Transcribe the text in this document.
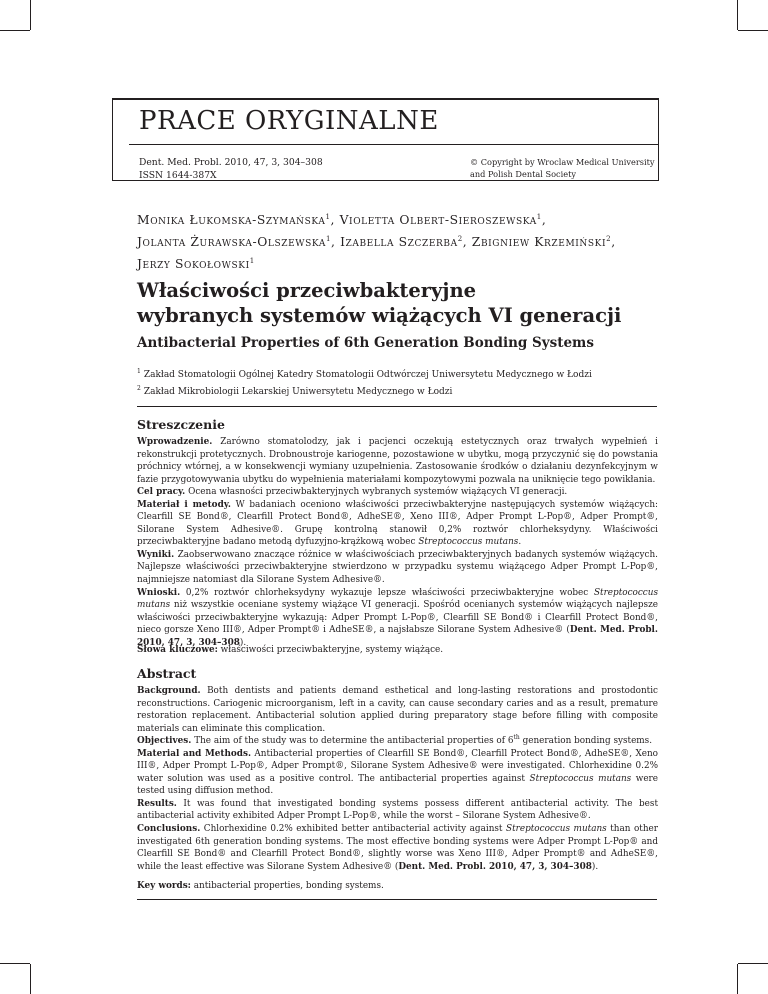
PRACE ORYGINALNE
Dent. Med. Probl. 2010, 47, 3, 304–308
ISSN 1644-387X
© Copyright by Wroclaw Medical University
and Polish Dental Society
Monika Łukomska-Szymańska$^1$, Violetta Olbert-Sieroszewska$^1$,
Jolanta Żurawska-Olszewska$^1$, Izabella Szczerba$^2$, Zbigniew Krzemiński$^2$,
Jerzy Sokołowski$^1$
Właściwości przeciwbakteryjne
wybranych systemów wiążących VI generacji
Antibacterial Properties of 6th Generation Bonding Systems
$^1$ Zakład Stomatologii Ogólnej Katedry Stomatologii Odtwórczej Uniwersytetu Medycznego w Łodzi
$^2$ Zakład Mikrobiologii Lekarskiej Uniwersytetu Medycznego w Łodzi
Streszczenie

Wprowadzenie. Zarówno stomatolodzy, jak i pacjenci oczekują estetycznych oraz trwałych wypełnień i rekonstrukcji protetycznych. Drobnoustroje kariogenne, pozostawione w ubytku, mogą przyczynić się do powstania próchnicy wtórnej, a w konsekwencji wymiany uzupełnienia. Zastosowanie środków o działaniu dezynfekcyjnym w fazie przygotowywania ubytku do wypełnienia materiałami kompozytowymi pozwala na uniknięcie tego powikłania.

Cel pracy. Ocena własności przeciwbakteryjnych wybranych systemów wiążących VI generacji.

Materiał i metody. W badaniach oceniono właściwości przeciwbakteryjne następujących systemów wiążących: Clearfill SE Bond®, Clearfill Protect Bond®, AdheSE®, Xeno III®, Adper Prompt L-Pop®, Adper Prompt®, Silorane System Adhesive®. Grupę kontrolną stanowił 0,2% roztwór chlorheksydyny. Właściwości przeciwbakteryjne badano metodą dyfuzyjno-krążkową wobec Streptococcus mutans.

Wyniki. Zaobserwowano znaczące różnice w właściwościach przeciwbakteryjnych badanych systemów wiążących. Najlepsze właściwości przeciwbakteryjne stwierdzono w przypadku systemu wiążącego Adper Prompt L-Pop®, najmniejsze natomiast dla Silorane System Adhesive®.

Wnioski. 0,2% roztwór chlorheksydyny wykazuje lepsze właściwości przeciwbakteryjne wobec Streptococcus mutans niż wszystkie oceniane systemy wiążące VI generacji. Spośród ocenianych systemów wiążących najlepsze właściwości przeciwbakteryjne wykazują: Adper Prompt L-Pop®, Clearfill SE Bond® i Clearfill Protect Bond®, nieco gorsze Xeno III®, Adper Prompt® i AdheSE®, a najsłabsze Silorane System Adhesive® (Dent. Med. Probl. 2010, 47, 3, 304–308).

Słowa kluczowe: właściwości przeciwbakteryjne, systemy wiążące.
Abstract

Background. Both dentists and patients demand esthetical and long-lasting restorations and prostodontic reconstructions. Cariogenic microorganism, left in a cavity, can cause secondary caries and as a result, premature restoration replacement. Antibacterial solution applied during preparatory stage before filling with composite materials can eliminate this complication.

Objectives. The aim of the study was to determine the antibacterial properties of 6th generation bonding systems.

Material and Methods. Antibacterial properties of Clearfill SE Bond®, Clearfill Protect Bond®, AdheSE®, Xeno III®, Adper Prompt L-Pop®, Adper Prompt®, Silorane System Adhesive® were investigated. Chlorhexidine 0.2% water solution was used as a positive control. The antibacterial properties against Streptococcus mutans were tested using diffusion method.

Results. It was found that investigated bonding systems possess different antibacterial activity. The best antibacterial activity exhibited Adper Prompt L-Pop®, while the worst – Silorane System Adhesive®.

Conclusions. Chlorhexidine 0.2% exhibited better antibacterial activity against Streptococcus mutans than other investigated 6th generation bonding systems. The most effective bonding systems were Adper Prompt L-Pop® and Clearfill SE Bond® and Clearfill Protect Bond®, slightly worse was Xeno III®, Adper Prompt® and AdheSE®, while the least effective was Silorane System Adhesive® (Dent. Med. Probl. 2010, 47, 3, 304–308).

Key words: antibacterial properties, bonding systems.
